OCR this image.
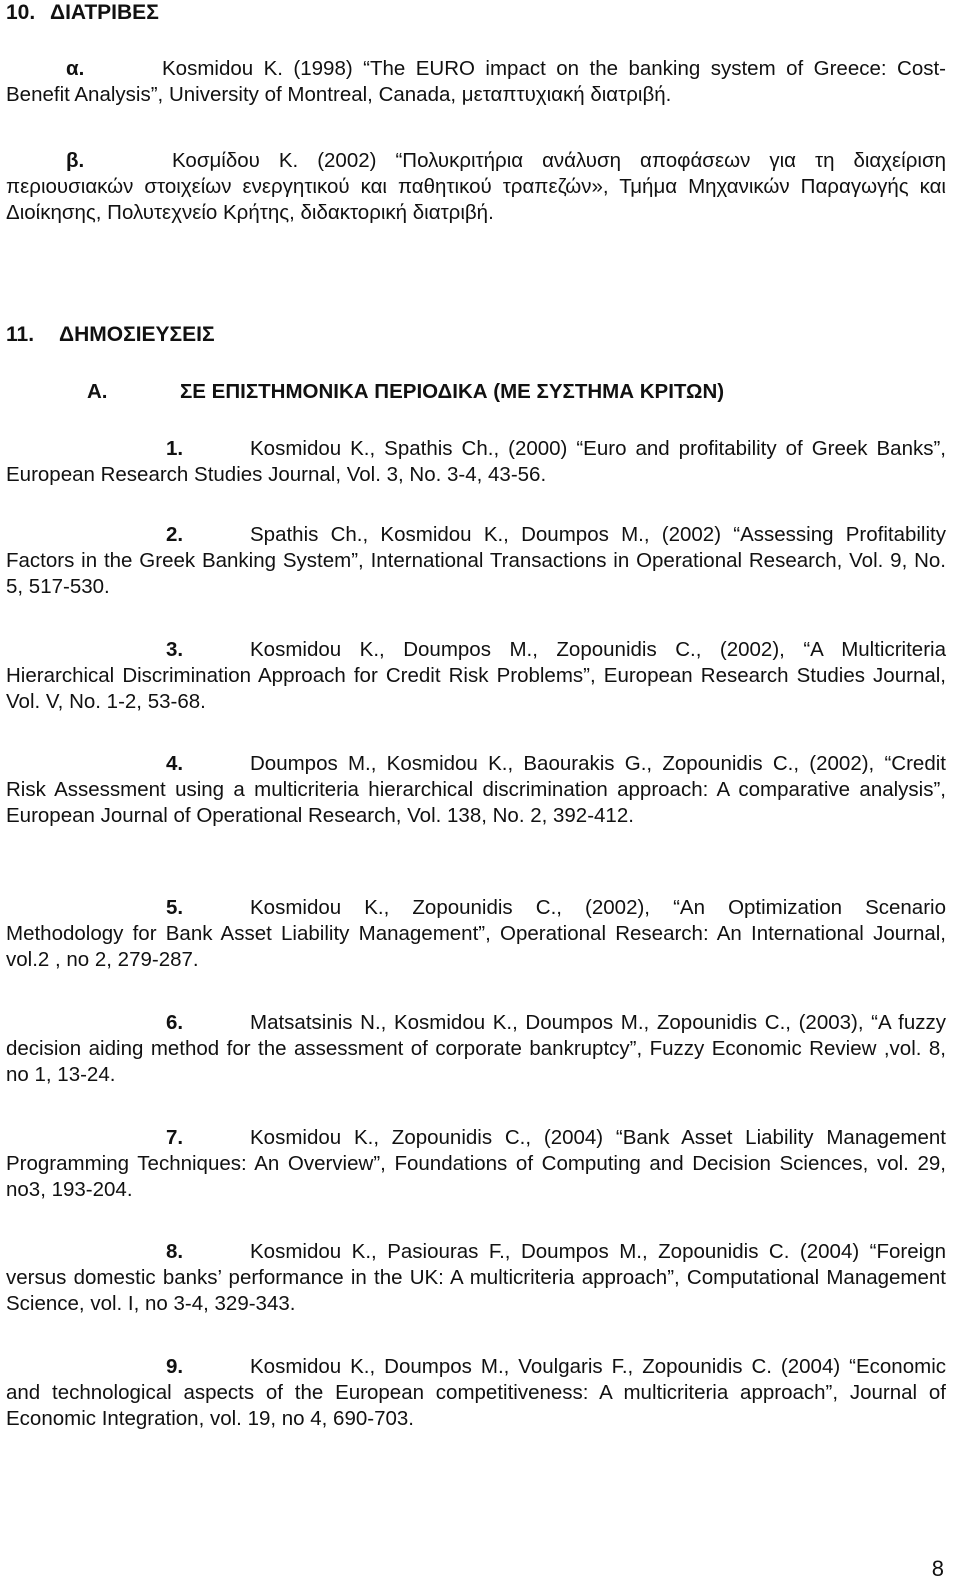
10. ΔΙΑΤΡΙΒΕΣ

α.	Kosmidou K. (1998) “The EURO impact on the banking system of Greece: Cost-Benefit Analysis”, University of Montreal, Canada, μεταπτυχιακή διατριβή.

β.	Κοσμίδου Κ. (2002) “Πολυκριτήρια ανάλυση αποφάσεων για τη διαχείριση περιουσιακών στοιχείων ενεργητικού και παθητικού τραπεζών», Τμήμα Μηχανικών Παραγωγής και Διοίκησης, Πολυτεχνείο Κρήτης, διδακτορική διατριβή.

11. ΔΗΜΟΣΙΕΥΣΕΙΣ
Α.	ΣΕ ΕΠΙΣΤΗΜΟΝΙΚΑ ΠΕΡΙΟΔΙΚΑ (ΜΕ ΣΥΣΤΗΜΑ ΚΡΙΤΩΝ)

1.	Kosmidou K., Spathis Ch., (2000) “Euro and profitability of Greek Banks”, European Research Studies Journal, Vol. 3, No. 3-4, 43-56.

2.	Spathis Ch., Kosmidou K., Doumpos M., (2002) “Assessing Profitability Factors in the Greek Banking System”, International Transactions in Operational Research, Vol. 9, No. 5, 517-530.

3.	Kosmidou K., Doumpos M., Zopounidis C., (2002), “A Multicriteria Hierarchical Discrimination Approach for Credit Risk Problems”, European Research Studies Journal, Vol. V, No. 1-2, 53-68.

4.	Doumpos M., Kosmidou K., Baourakis G., Zopounidis C., (2002), “Credit Risk Assessment using a multicriteria hierarchical discrimination approach: A comparative analysis”, European Journal of Operational Research, Vol. 138, No. 2, 392-412.

5.	Kosmidou K., Zopounidis C., (2002), “An Optimization Scenario Methodology for Bank Asset Liability Management”, Operational Research: An International Journal, vol.2 , no 2, 279-287.

6.	Matsatsinis N., Kosmidou K., Doumpos M., Zopounidis C., (2003), “A fuzzy decision aiding method for the assessment of corporate bankruptcy”, Fuzzy Economic Review ,vol. 8, no 1, 13-24.

7.	Kosmidou K., Zopounidis C., (2004) “Bank Asset Liability Management Programming Techniques: An Overview”, Foundations of Computing and Decision Sciences, vol. 29, no3, 193-204.

8.	Kosmidou K., Pasiouras F., Doumpos M., Zopounidis C. (2004) “Foreign versus domestic banks’ performance in the UK: A multicriteria approach”, Computational Management Science, vol. I, no 3-4, 329-343.

9.	Kosmidou K., Doumpos M., Voulgaris F., Zopounidis C. (2004) “Economic and technological aspects of the European competitiveness: A multicriteria approach”, Journal of Economic Integration, vol. 19, no 4, 690-703.

8
